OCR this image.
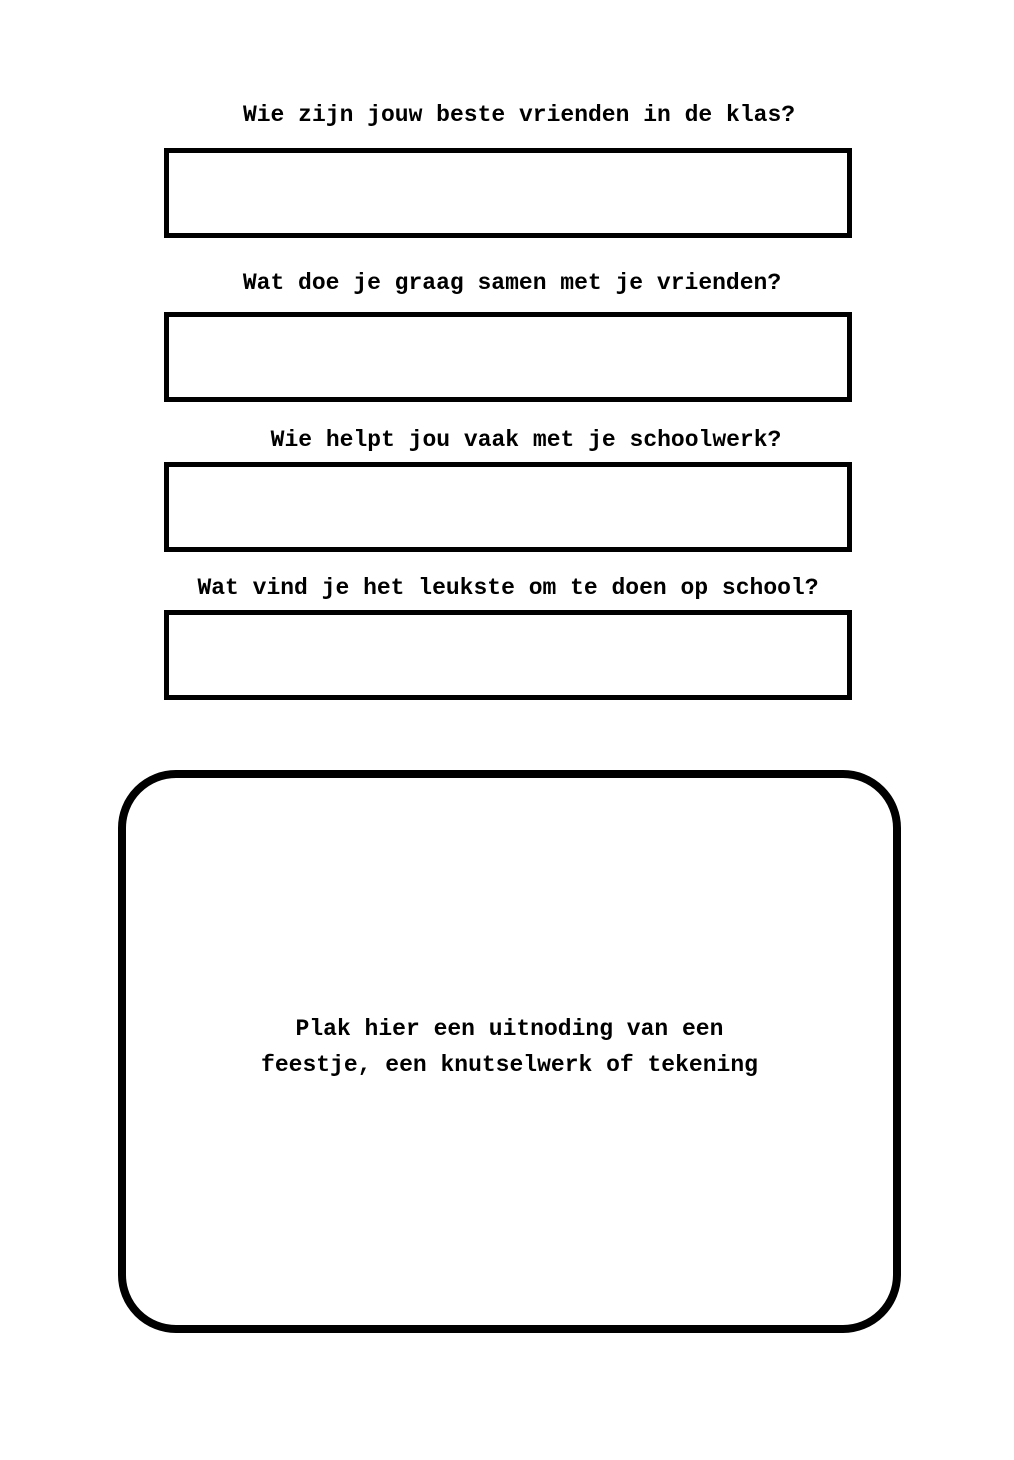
Wie zijn jouw beste vrienden in de klas?
Wat doe je graag samen met je vrienden?
Wie helpt jou vaak met je schoolwerk?
Wat vind je het leukste om te doen op school?
Plak hier een uitnoding van een
feestje, een knutselwerk of tekening
